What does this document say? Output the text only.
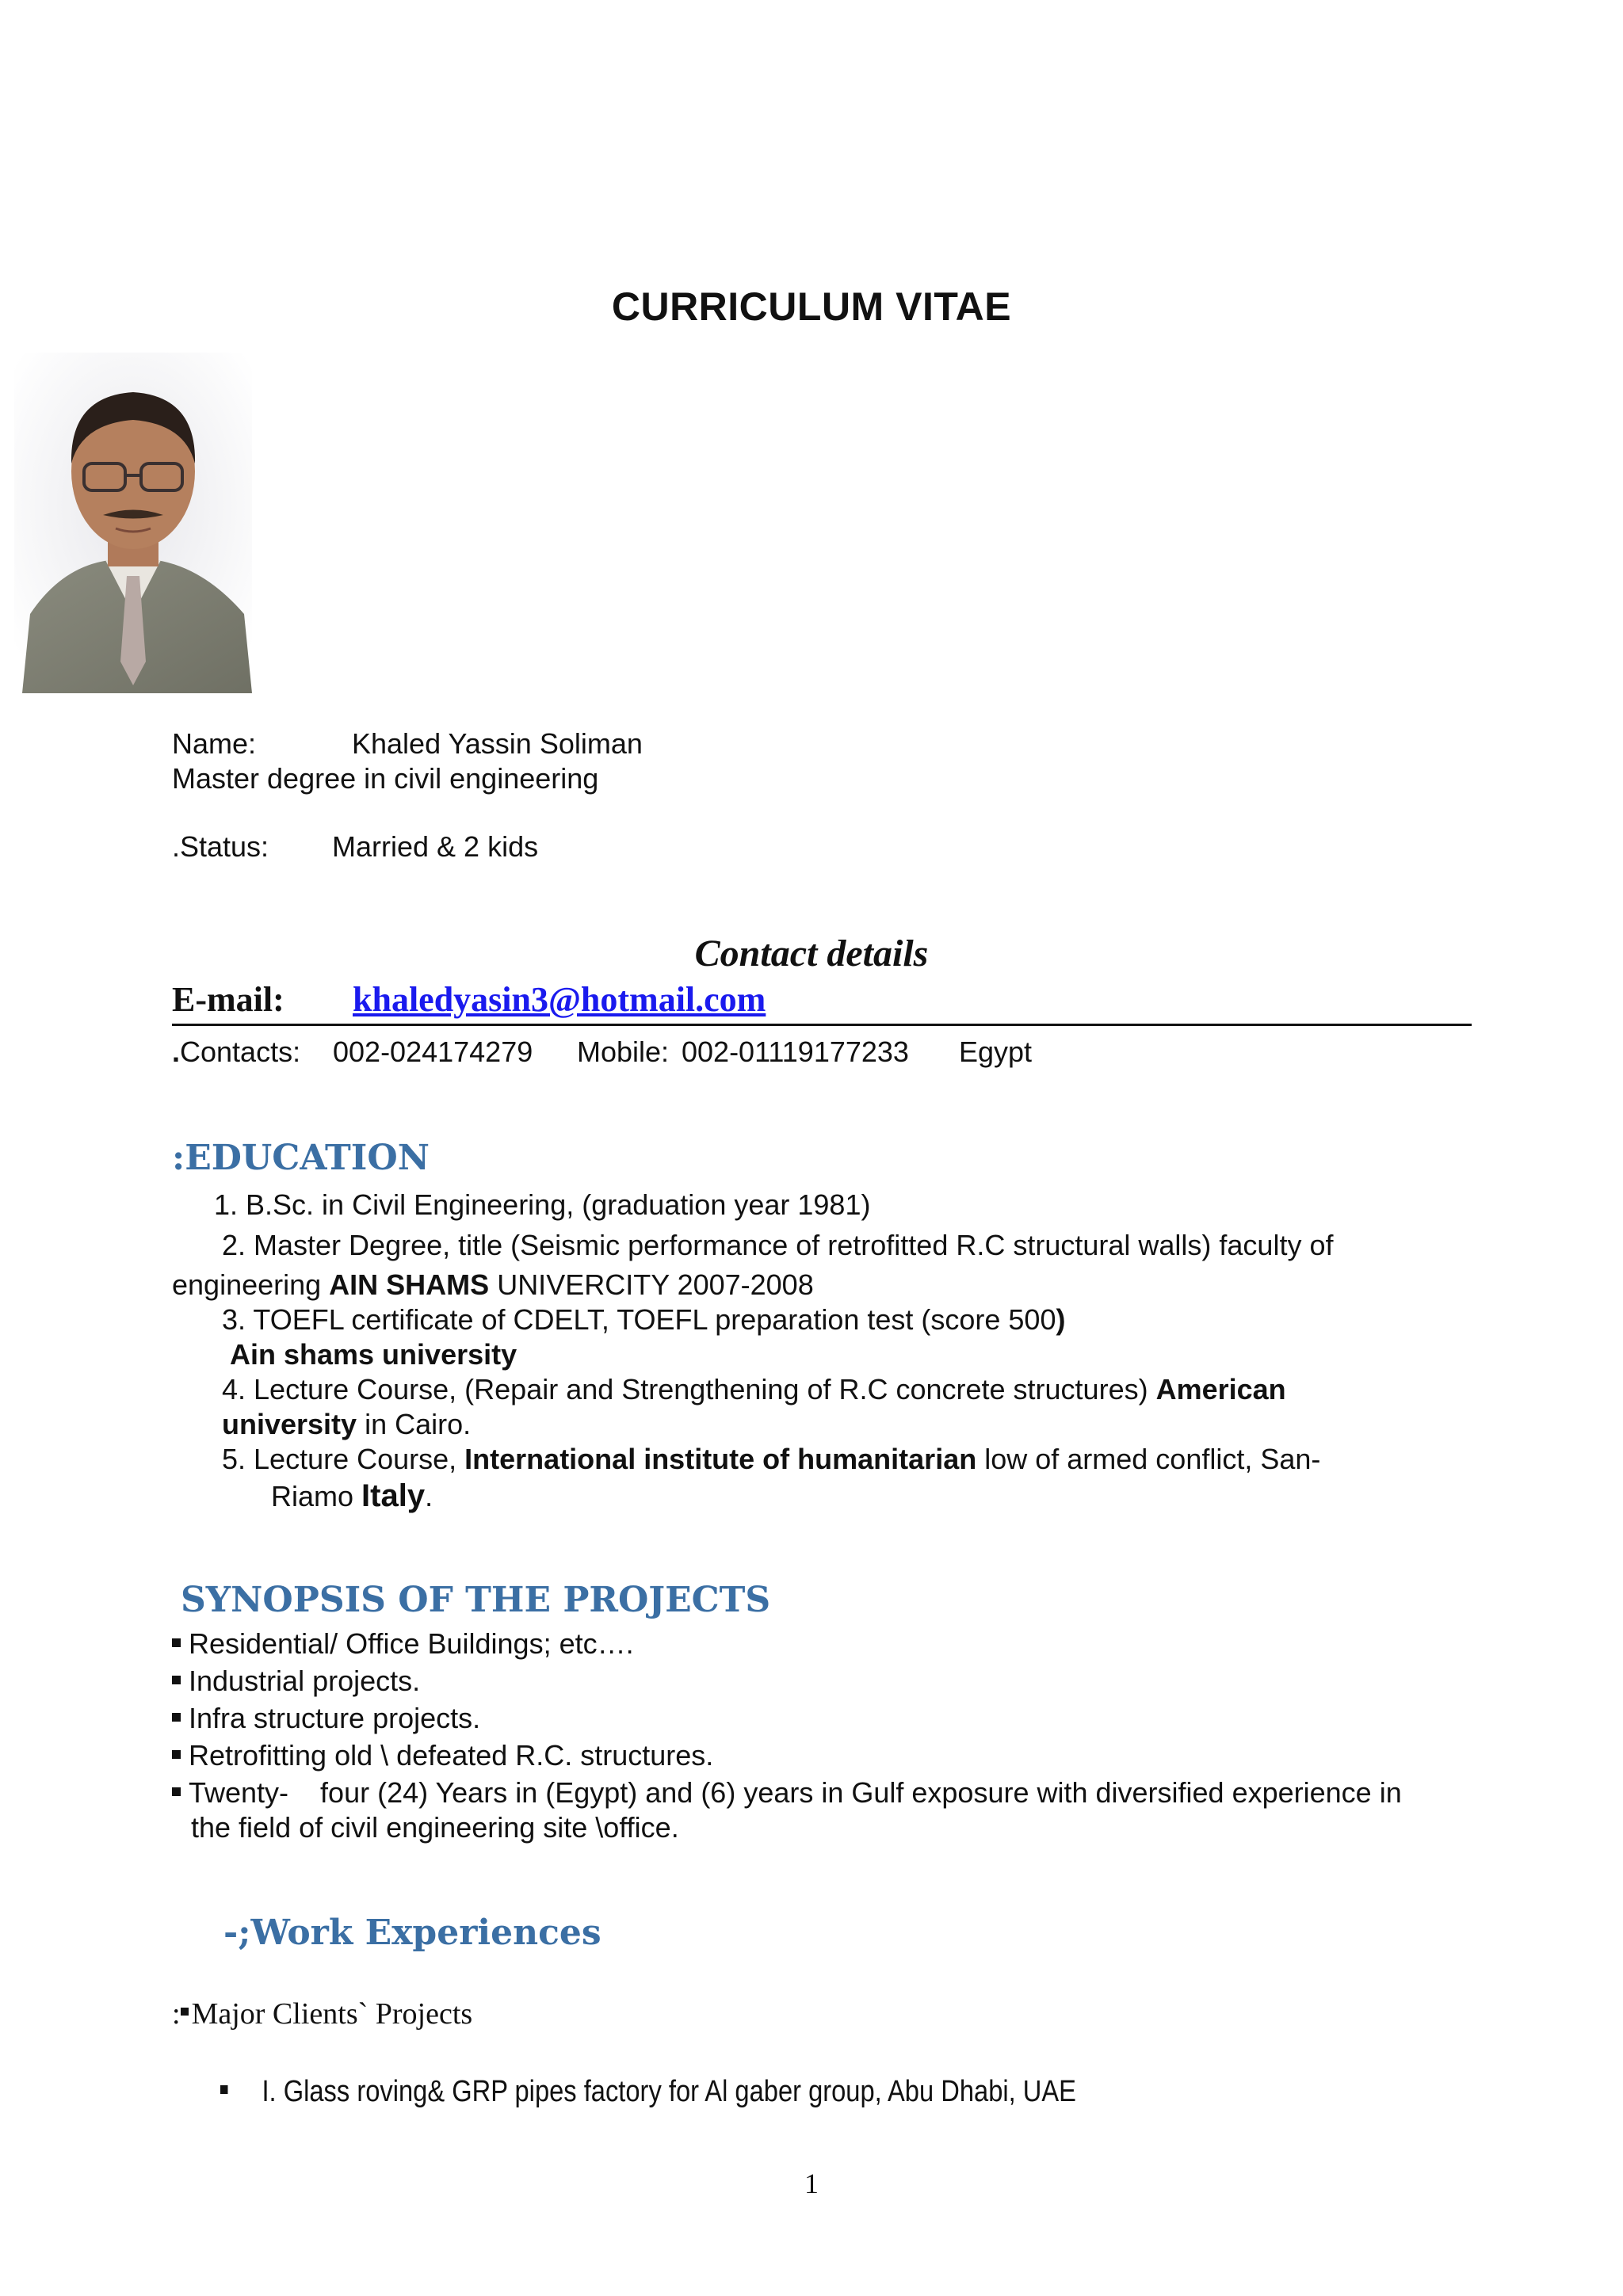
CURRICULUM VITAE
Name:	Khaled Yassin Soliman
Master degree in civil engineering
.Status: Married & 2 kids
Contact details
E-mail: khaledyasin3@hotmail.com
.Contacts: 002-024174279 Mobile: 002-01119177233 Egypt
:EDUCATION
1. B.Sc. in Civil Engineering, (graduation year 1981)
2. Master Degree, title (Seismic performance of retrofitted R.C structural walls) faculty of
engineering AIN SHAMS UNIVERCITY 2007-2008
3. TOEFL certificate of CDELT, TOEFL preparation test (score 500)
Ain shams university
4. Lecture Course, (Repair and Strengthening of R.C concrete structures) American
university in Cairo.
5. Lecture Course, International institute of humanitarian low of armed conflict, San-
Riamo Italy.
SYNOPSIS OF THE PROJECTS
Residential/ Office Buildings; etc….
Industrial projects.
Infra structure projects.
Retrofitting old \ defeated R.C. structures.
Twenty-    four (24) Years in (Egypt) and (6) years in Gulf exposure with diversified experience in
the field of civil engineering site \office.
-;Work Experiences
: Major Clients` Projects
I. Glass roving& GRP pipes factory for Al gaber group, Abu Dhabi, UAE
1
